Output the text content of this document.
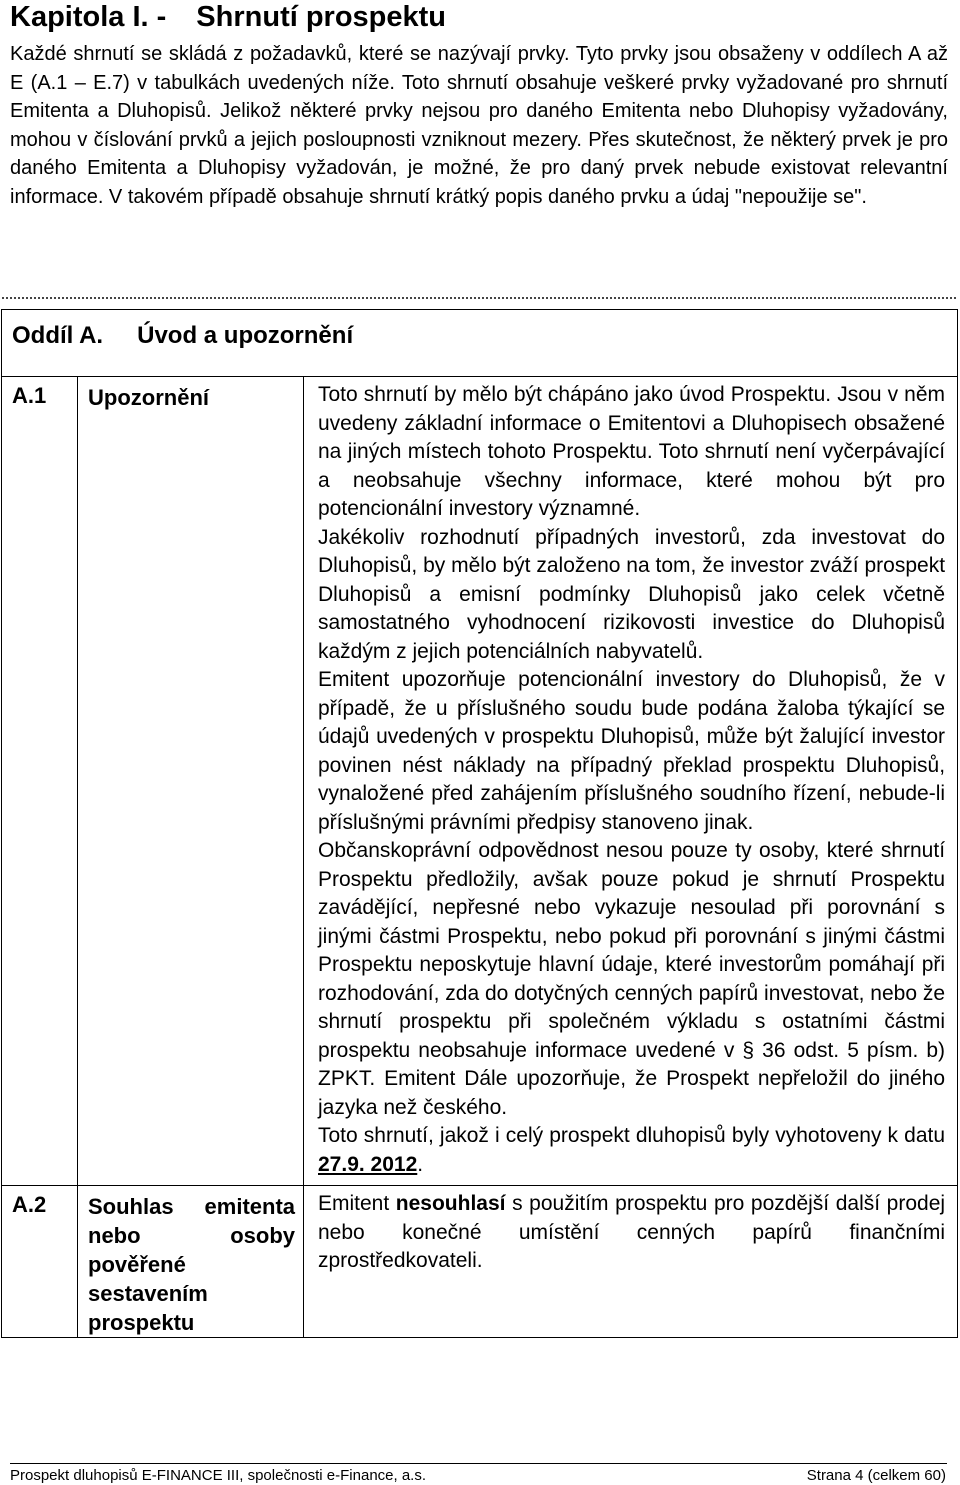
Kapitola I. - Shrnutí prospektu

Každé shrnutí se skládá z požadavků, které se nazývají prvky. Tyto prvky jsou obsaženy v oddílech A až E (A.1 – E.7) v tabulkách uvedených níže. Toto shrnutí obsahuje veškeré prvky vyžadované pro shrnutí Emitenta a Dluhopisů. Jelikož některé prvky nejsou pro daného Emitenta nebo Dluhopisy vyžadovány, mohou v číslování prvků a jejich posloupnosti vzniknout mezery. Přes skutečnost, že některý prvek je pro daného Emitenta a Dluhopisy vyžadován, je možné, že pro daný prvek nebude existovat relevantní informace. V takovém případě obsahuje shrnutí krátký popis daného prvku a údaj "nepoužije se".

Oddíl A. Úvod a upozornění		
A.1	Upozornění	Toto shrnutí by mělo být chápáno jako úvod Prospektu. Jsou v něm uvedeny základní informace o Emitentovi a Dluhopisech obsažené na jiných místech tohoto Prospektu. Toto shrnutí není vyčerpávající a neobsahuje všechny informace, které mohou být pro potencionální investory významné.

Jakékoliv rozhodnutí případných investorů, zda investovat do Dluhopisů, by mělo být založeno na tom, že investor zváží prospekt Dluhopisů a emisní podmínky Dluhopisů jako celek včetně samostatného vyhodnocení rizikovosti investice do Dluhopisů každým z jejich potenciálních nabyvatelů.

Emitent upozorňuje potencionální investory do Dluhopisů, že v případě, že u příslušného soudu bude podána žaloba týkající se údajů uvedených v prospektu Dluhopisů, může být žalující investor povinen nést náklady na případný překlad prospektu Dluhopisů, vynaložené před zahájením příslušného soudního řízení, nebude-li příslušnými právními předpisy stanoveno jinak.

Občanskoprávní odpovědnost nesou pouze ty osoby, které shrnutí Prospektu předložily, avšak pouze pokud je shrnutí Prospektu zavádějící, nepřesné nebo vykazuje nesoulad při porovnání s jinými částmi Prospektu, nebo pokud při porovnání s jinými částmi Prospektu neposkytuje hlavní údaje, které investorům pomáhají při rozhodování, zda do dotyčných cenných papírů investovat, nebo že shrnutí prospektu při společném výkladu s ostatními částmi prospektu neobsahuje informace uvedené v § 36 odst. 5 písm. b) ZPKT. Emitent Dále upozorňuje, že Prospekt nepřeložil do jiného jazyka než českého.

Toto shrnutí, jakož i celý prospekt dluhopisů byly vyhotoveny k datu 27.9. 2012.

A.2	Souhlas emitenta nebo osoby pověřené sestavením prospektu	Emitent nesouhlasí s použitím prospektu pro pozdější další prodej nebo konečné umístění cenných papírů finančními zprostředkovateli.

Prospekt dluhopisů E-FINANCE III, společnosti e-Finance, a.s.	Strana 4 (celkem 60)
